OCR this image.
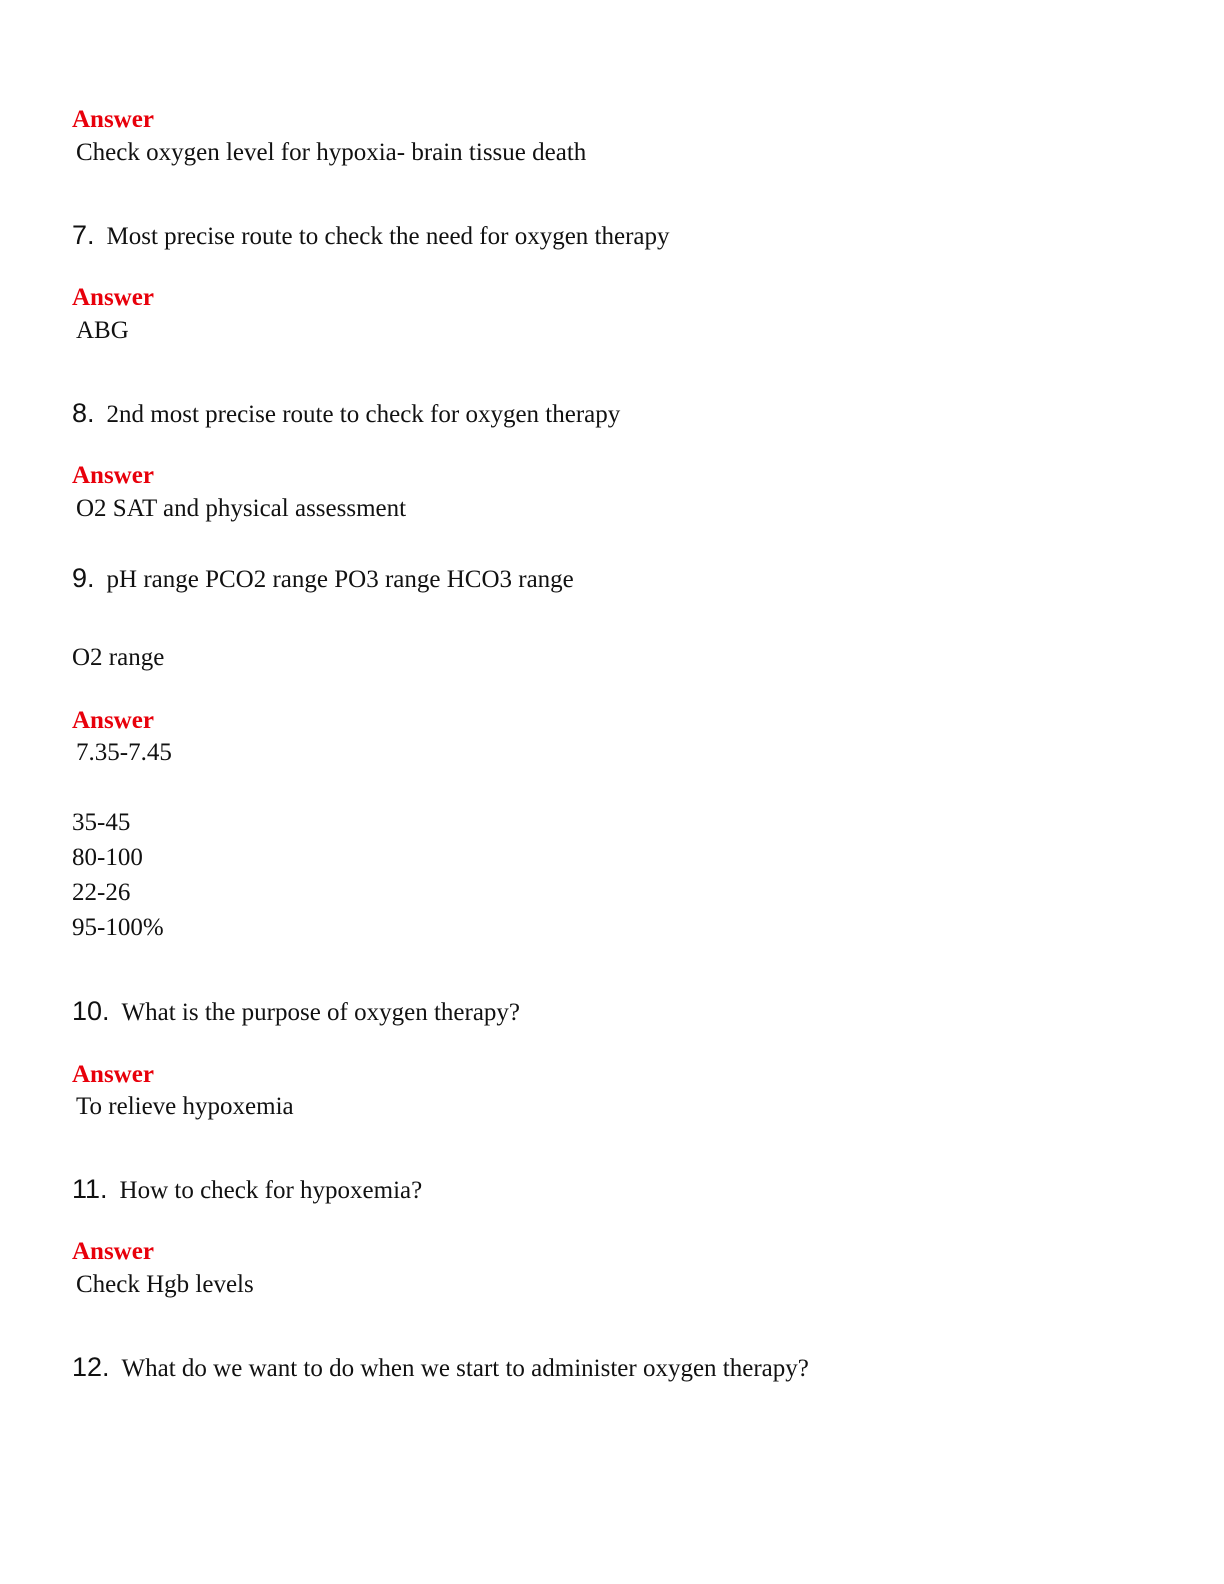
Answer
Check oxygen level for hypoxia- brain tissue death
7. Most precise route to check the need for oxygen therapy
Answer
ABG
8. 2nd most precise route to check for oxygen therapy
Answer
O2 SAT and physical assessment
9. pH range PCO2 range PO3 range HCO3 range
O2 range
Answer
7.35-7.45
35-45
80-100
22-26
95-100%
10. What is the purpose of oxygen therapy?
Answer
To relieve hypoxemia
11. How to check for hypoxemia?
Answer
Check Hgb levels
12. What do we want to do when we start to administer oxygen therapy?
